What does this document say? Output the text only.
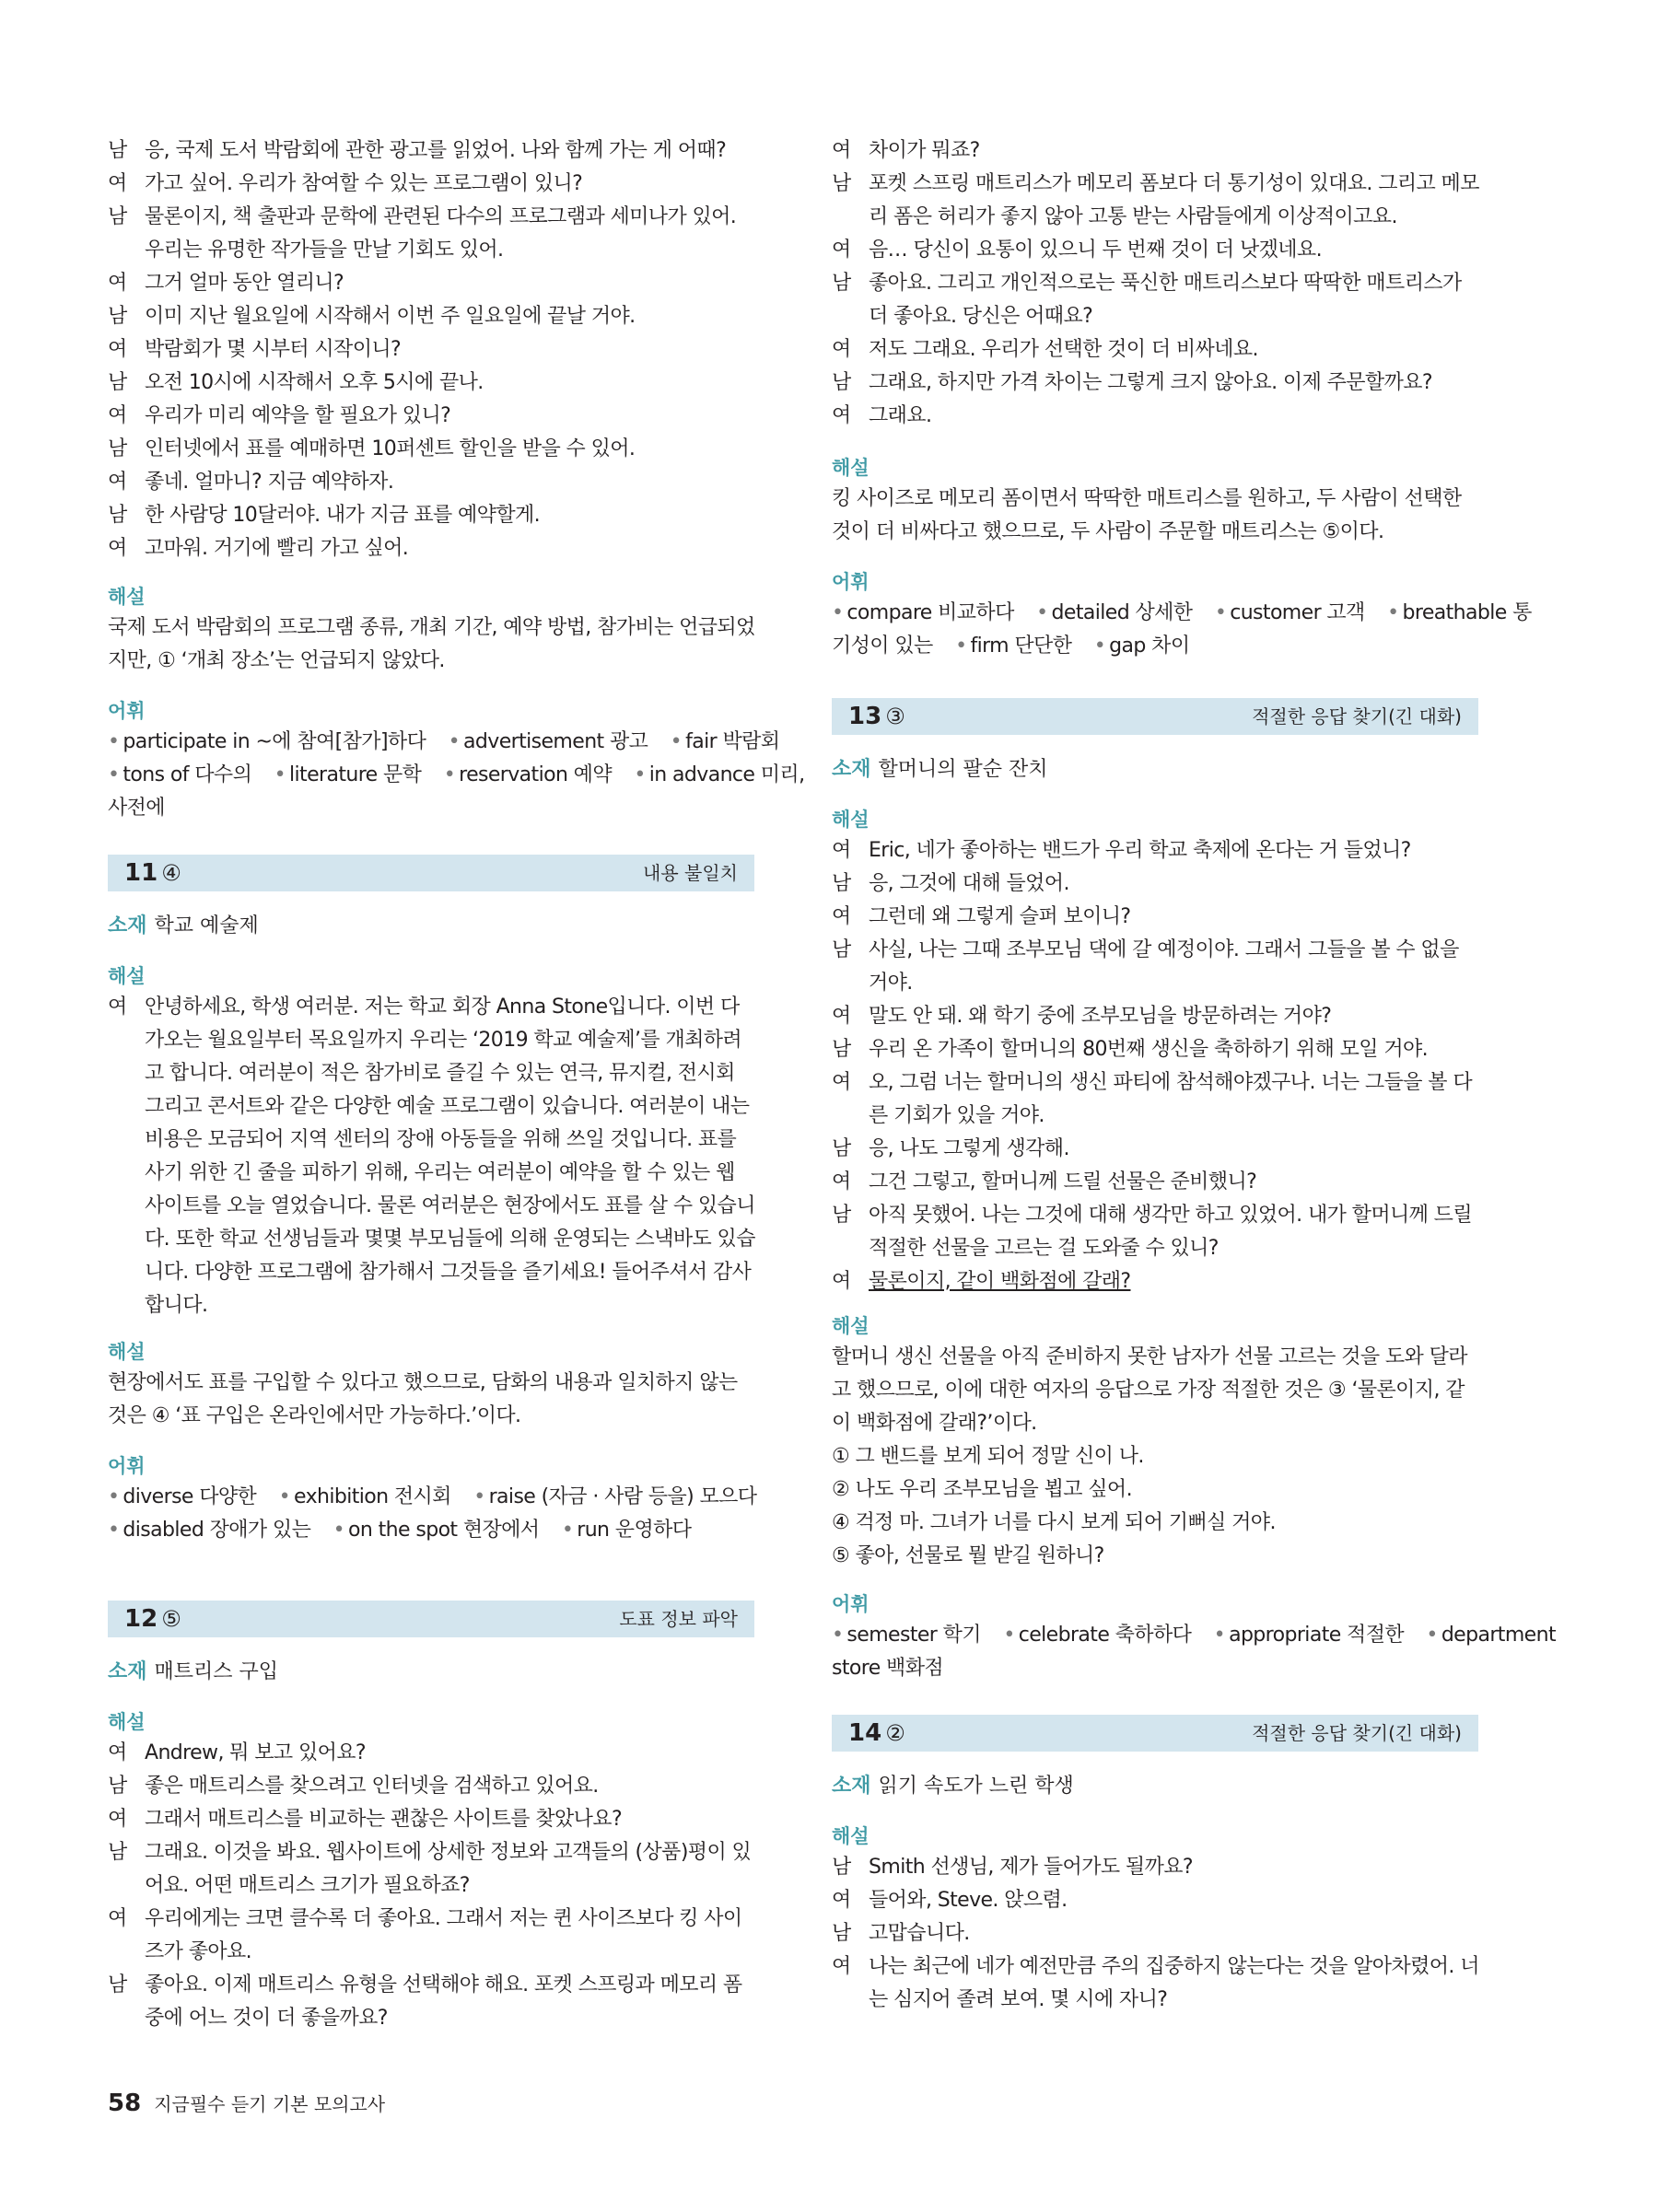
남 응, 국제 도서 박람회에 관한 광고를 읽었어. 나와 함께 가는 게 어때?
여 가고 싶어. 우리가 참여할 수 있는 프로그램이 있니?
남 물론이지, 책 출판과 문학에 관련된 다수의 프로그램과 세미나가 있어.
우리는 유명한 작가들을 만날 기회도 있어.
여 그거 얼마 동안 열리니?
남 이미 지난 월요일에 시작해서 이번 주 일요일에 끝날 거야.
여 박람회가 몇 시부터 시작이니?
남 오전 10시에 시작해서 오후 5시에 끝나.
여 우리가 미리 예약을 할 필요가 있니?
남 인터넷에서 표를 예매하면 10퍼센트 할인을 받을 수 있어.
여 좋네. 얼마니? 지금 예약하자.
남 한 사람당 10달러야. 내가 지금 표를 예약할게.
여 고마워. 거기에 빨리 가고 싶어.
해설
국제 도서 박람회의 프로그램 종류, 개최 기간, 예약 방법, 참가비는 언급되었
지만, ① ‘개최 장소’는 언급되지 않았다.
어휘
• participate in ~에 참여[참가]하다 • advertisement 광고 • fair 박람회
• tons of 다수의 • literature 문학 • reservation 예약 • in advance 미리,
사전에
11 ④	내용 불일치
소재 학교 예술제
해설
여 안녕하세요, 학생 여러분. 저는 학교 회장 Anna Stone입니다. 이번 다
가오는 월요일부터 목요일까지 우리는 ‘2019 학교 예술제’를 개최하려
고 합니다. 여러분이 적은 참가비로 즐길 수 있는 연극, 뮤지컬, 전시회
그리고 콘서트와 같은 다양한 예술 프로그램이 있습니다. 여러분이 내는
비용은 모금되어 지역 센터의 장애 아동들을 위해 쓰일 것입니다. 표를
사기 위한 긴 줄을 피하기 위해, 우리는 여러분이 예약을 할 수 있는 웹
사이트를 오늘 열었습니다. 물론 여러분은 현장에서도 표를 살 수 있습니
다. 또한 학교 선생님들과 몇몇 부모님들에 의해 운영되는 스낵바도 있습
니다. 다양한 프로그램에 참가해서 그것들을 즐기세요! 들어주셔서 감사
합니다.
해설
현장에서도 표를 구입할 수 있다고 했으므로, 담화의 내용과 일치하지 않는
것은 ④ ‘표 구입은 온라인에서만 가능하다.’이다.
어휘
• diverse 다양한 • exhibition 전시회 • raise (자금 · 사람 등을) 모으다
• disabled 장애가 있는 • on the spot 현장에서 • run 운영하다
12 ⑤	도표 정보 파악
소재 매트리스 구입
해설
여 Andrew, 뭐 보고 있어요?
남 좋은 매트리스를 찾으려고 인터넷을 검색하고 있어요.
여 그래서 매트리스를 비교하는 괜찮은 사이트를 찾았나요?
남 그래요. 이것을 봐요. 웹사이트에 상세한 정보와 고객들의 (상품)평이 있
어요. 어떤 매트리스 크기가 필요하죠?
여 우리에게는 크면 클수록 더 좋아요. 그래서 저는 퀸 사이즈보다 킹 사이
즈가 좋아요.
남 좋아요. 이제 매트리스 유형을 선택해야 해요. 포켓 스프링과 메모리 폼
중에 어느 것이 더 좋을까요?
여 차이가 뭐죠?
남 포켓 스프링 매트리스가 메모리 폼보다 더 통기성이 있대요. 그리고 메모
리 폼은 허리가 좋지 않아 고통 받는 사람들에게 이상적이고요.
여 음… 당신이 요통이 있으니 두 번째 것이 더 낫겠네요.
남 좋아요. 그리고 개인적으로는 푹신한 매트리스보다 딱딱한 매트리스가
더 좋아요. 당신은 어때요?
여 저도 그래요. 우리가 선택한 것이 더 비싸네요.
남 그래요, 하지만 가격 차이는 그렇게 크지 않아요. 이제 주문할까요?
여 그래요.
해설
킹 사이즈로 메모리 폼이면서 딱딱한 매트리스를 원하고, 두 사람이 선택한
것이 더 비싸다고 했으므로, 두 사람이 주문할 매트리스는 ⑤이다.
어휘
• compare 비교하다 • detailed 상세한 • customer 고객 • breathable 통
기성이 있는 • firm 단단한 • gap 차이
13 ③	적절한 응답 찾기(긴 대화)
소재 할머니의 팔순 잔치
해설
여 Eric, 네가 좋아하는 밴드가 우리 학교 축제에 온다는 거 들었니?
남 응, 그것에 대해 들었어.
여 그런데 왜 그렇게 슬퍼 보이니?
남 사실, 나는 그때 조부모님 댁에 갈 예정이야. 그래서 그들을 볼 수 없을
거야.
여 말도 안 돼. 왜 학기 중에 조부모님을 방문하려는 거야?
남 우리 온 가족이 할머니의 80번째 생신을 축하하기 위해 모일 거야.
여 오, 그럼 너는 할머니의 생신 파티에 참석해야겠구나. 너는 그들을 볼 다
른 기회가 있을 거야.
남 응, 나도 그렇게 생각해.
여 그건 그렇고, 할머니께 드릴 선물은 준비했니?
남 아직 못했어. 나는 그것에 대해 생각만 하고 있었어. 내가 할머니께 드릴
적절한 선물을 고르는 걸 도와줄 수 있니?
여 물론이지, 같이 백화점에 갈래?
해설
할머니 생신 선물을 아직 준비하지 못한 남자가 선물 고르는 것을 도와 달라
고 했으므로, 이에 대한 여자의 응답으로 가장 적절한 것은 ③ ‘물론이지, 같
이 백화점에 갈래?’이다.
① 그 밴드를 보게 되어 정말 신이 나.
② 나도 우리 조부모님을 뵙고 싶어.
④ 걱정 마. 그녀가 너를 다시 보게 되어 기뻐실 거야.
⑤ 좋아, 선물로 뭘 받길 원하니?
어휘
• semester 학기 • celebrate 축하하다 • appropriate 적절한 • department
store 백화점
14 ②	적절한 응답 찾기(긴 대화)
소재 읽기 속도가 느린 학생
해설
남 Smith 선생님, 제가 들어가도 될까요?
여 들어와, Steve. 앉으렴.
남 고맙습니다.
여 나는 최근에 네가 예전만큼 주의 집중하지 않는다는 것을 알아차렸어. 너
는 심지어 졸려 보여. 몇 시에 자니?
58 지금필수 듣기 기본 모의고사
